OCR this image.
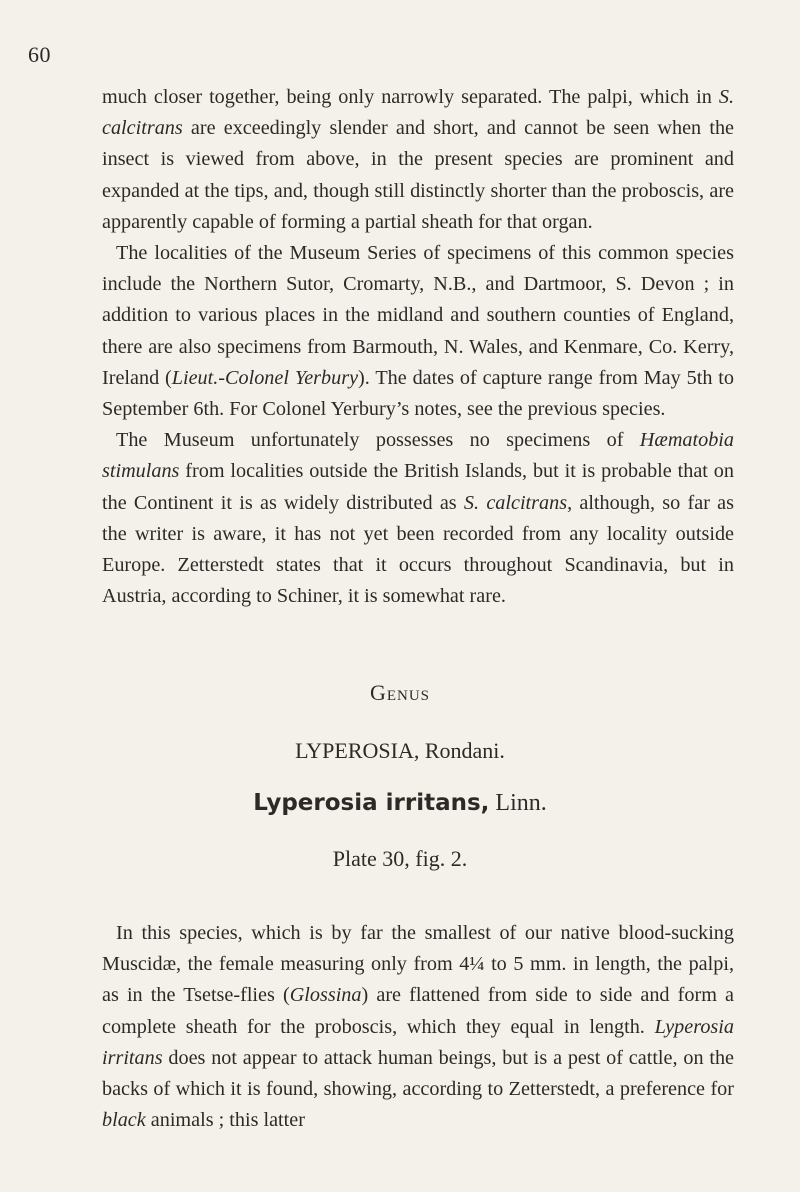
60

much closer together, being only narrowly separated. The palpi, which in S. calcitrans are exceedingly slender and short, and cannot be seen when the insect is viewed from above, in the present species are prominent and expanded at the tips, and, though still distinctly shorter than the proboscis, are apparently capable of forming a partial sheath for that organ.

The localities of the Museum Series of specimens of this common species include the Northern Sutor, Cromarty, N.B., and Dartmoor, S. Devon ; in addition to various places in the midland and southern counties of England, there are also specimens from Barmouth, N. Wales, and Kenmare, Co. Kerry, Ireland (Lieut.-Colonel Yerbury). The dates of capture range from May 5th to September 6th. For Colonel Yerbury’s notes, see the previous species.

The Museum unfortunately possesses no specimens of Hæmatobia stimulans from localities outside the British Islands, but it is probable that on the Continent it is as widely distributed as S. calcitrans, although, so far as the writer is aware, it has not yet been recorded from any locality outside Europe. Zetterstedt states that it occurs throughout Scandinavia, but in Austria, according to Schiner, it is somewhat rare.

Genus
LYPEROSIA, Rondani.
Lyperosia irritans, Linn.
Plate 30, fig. 2.

In this species, which is by far the smallest of our native blood-sucking Muscidæ, the female measuring only from 4¼ to 5 mm. in length, the palpi, as in the Tsetse-flies (Glossina) are flattened from side to side and form a complete sheath for the proboscis, which they equal in length. Lyperosia irritans does not appear to attack human beings, but is a pest of cattle, on the backs of which it is found, showing, according to Zetterstedt, a preference for black animals ; this latter
